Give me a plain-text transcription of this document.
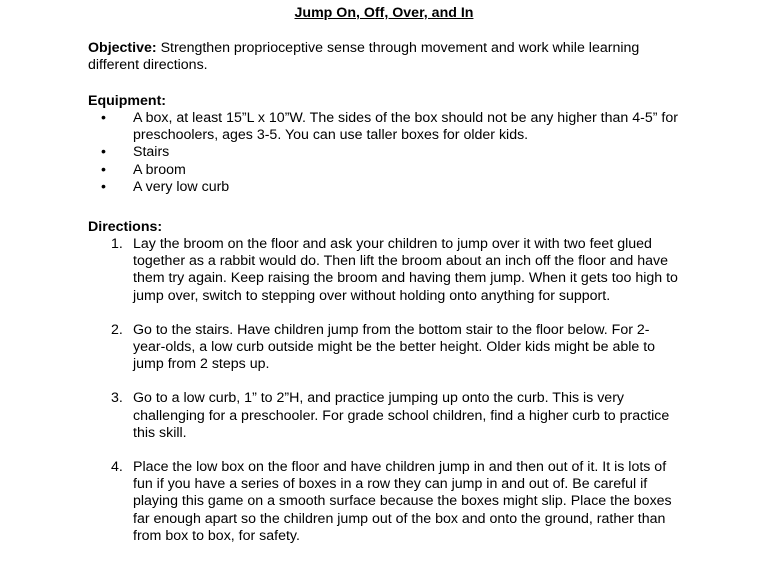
Jump On, Off, Over, and In
Objective: Strengthen proprioceptive sense through movement and work while learning different directions.
Equipment:
• A box, at least 15”L x 10”W. The sides of the box should not be any higher than 4-5” for preschoolers, ages 3-5. You can use taller boxes for older kids.
• Stairs
• A broom
• A very low curb
Directions:
1. Lay the broom on the floor and ask your children to jump over it with two feet glued together as a rabbit would do. Then lift the broom about an inch off the floor and have them try again. Keep raising the broom and having them jump. When it gets too high to jump over, switch to stepping over without holding onto anything for support.
2. Go to the stairs. Have children jump from the bottom stair to the floor below. For 2-year-olds, a low curb outside might be the better height. Older kids might be able to jump from 2 steps up.
3. Go to a low curb, 1” to 2”H, and practice jumping up onto the curb. This is very challenging for a preschooler. For grade school children, find a higher curb to practice this skill.
4. Place the low box on the floor and have children jump in and then out of it. It is lots of fun if you have a series of boxes in a row they can jump in and out of. Be careful if playing this game on a smooth surface because the boxes might slip. Place the boxes far enough apart so the children jump out of the box and onto the ground, rather than from box to box, for safety.
